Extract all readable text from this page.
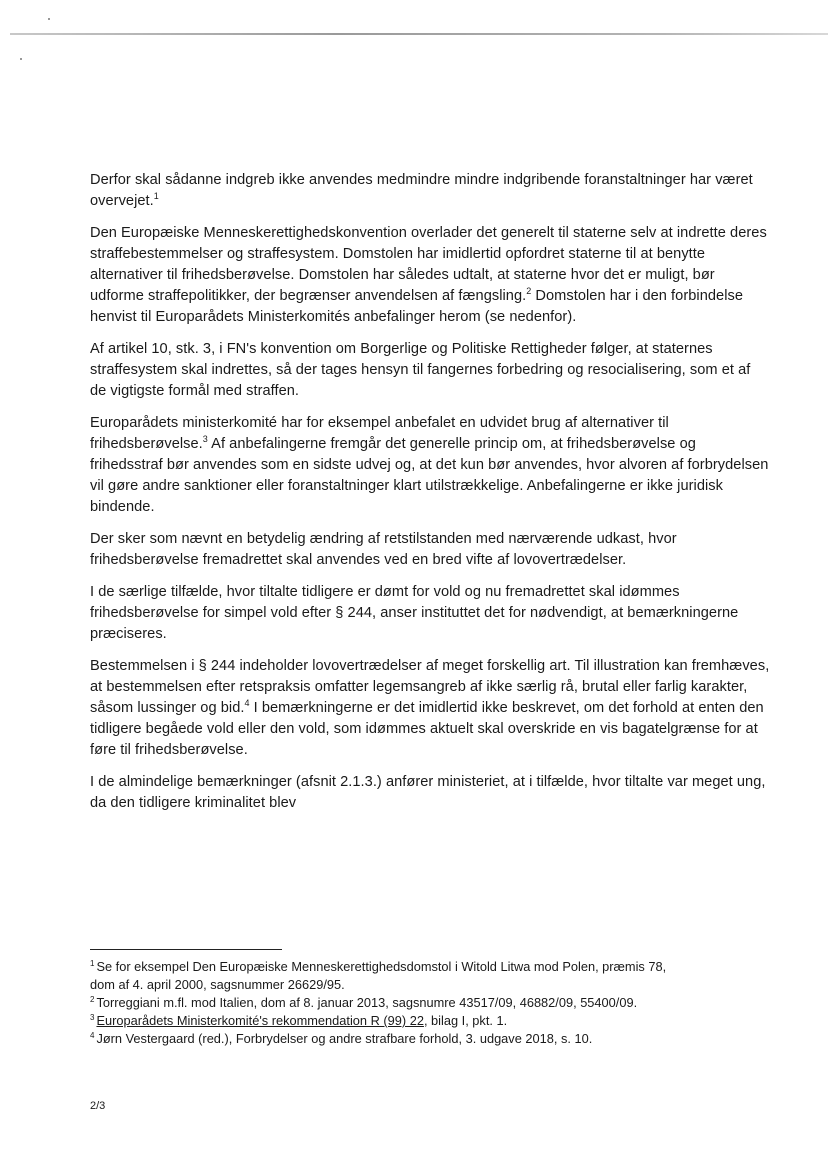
Derfor skal sådanne indgreb ikke anvendes medmindre mindre indgribende foranstaltninger har været overvejet.$^1$

Den Europæiske Menneskerettighedskonvention overlader det generelt til staterne selv at indrette deres straffebestemmelser og straffesystem. Domstolen har imidlertid opfordret staterne til at benytte alternativer til frihedsberøvelse. Domstolen har således udtalt, at staterne hvor det er muligt, bør udforme straffepolitikker, der begrænser anvendelsen af fængsling.$^2$ Domstolen har i den forbindelse henvist til Europarådets Ministerkomités anbefalinger herom (se nedenfor).

Af artikel 10, stk. 3, i FN's konvention om Borgerlige og Politiske Rettigheder følger, at staternes straffesystem skal indrettes, så der tages hensyn til fangernes forbedring og resocialisering, som et af de vigtigste formål med straffen.

Europarådets ministerkomité har for eksempel anbefalet en udvidet brug af alternativer til frihedsberøvelse.$^3$ Af anbefalingerne fremgår det generelle princip om, at frihedsberøvelse og frihedsstraf bør anvendes som en sidste udvej og, at det kun bør anvendes, hvor alvoren af forbrydelsen vil gøre andre sanktioner eller foranstaltninger klart utilstrækkelige. Anbefalingerne er ikke juridisk bindende.

Der sker som nævnt en betydelig ændring af retstilstanden med nærværende udkast, hvor frihedsberøvelse fremadrettet skal anvendes ved en bred vifte af lovovertrædelser.

I de særlige tilfælde, hvor tiltalte tidligere er dømt for vold og nu fremadrettet skal idømmes frihedsberøvelse for simpel vold efter § 244, anser instituttet det for nødvendigt, at bemærkningerne præciseres.

Bestemmelsen i § 244 indeholder lovovertrædelser af meget forskellig art. Til illustration kan fremhæves, at bestemmelsen efter retspraksis omfatter legemsangreb af ikke særlig rå, brutal eller farlig karakter, såsom lussinger og bid.$^4$ I bemærkningerne er det imidlertid ikke beskrevet, om det forhold at enten den tidligere begåede vold eller den vold, som idømmes aktuelt skal overskride en vis bagatelgrænse for at føre til frihedsberøvelse.

I de almindelige bemærkninger (afsnit 2.1.3.) anfører ministeriet, at i tilfælde, hvor tiltalte var meget ung, da den tidligere kriminalitet blev

$^1$ Se for eksempel Den Europæiske Menneskerettighedsdomstol i Witold Litwa mod Polen, præmis 78, dom af 4. april 2000, sagsnummer 26629/95.
$^2$ Torreggiani m.fl. mod Italien, dom af 8. januar 2013, sagsnumre 43517/09, 46882/09, 55400/09.
$^3$ Europarådets Ministerkomité's rekommendation R (99) 22, bilag I, pkt. 1.
$^4$ Jørn Vestergaard (red.), Forbrydelser og andre strafbare forhold, 3. udgave 2018, s. 10.
2/3
